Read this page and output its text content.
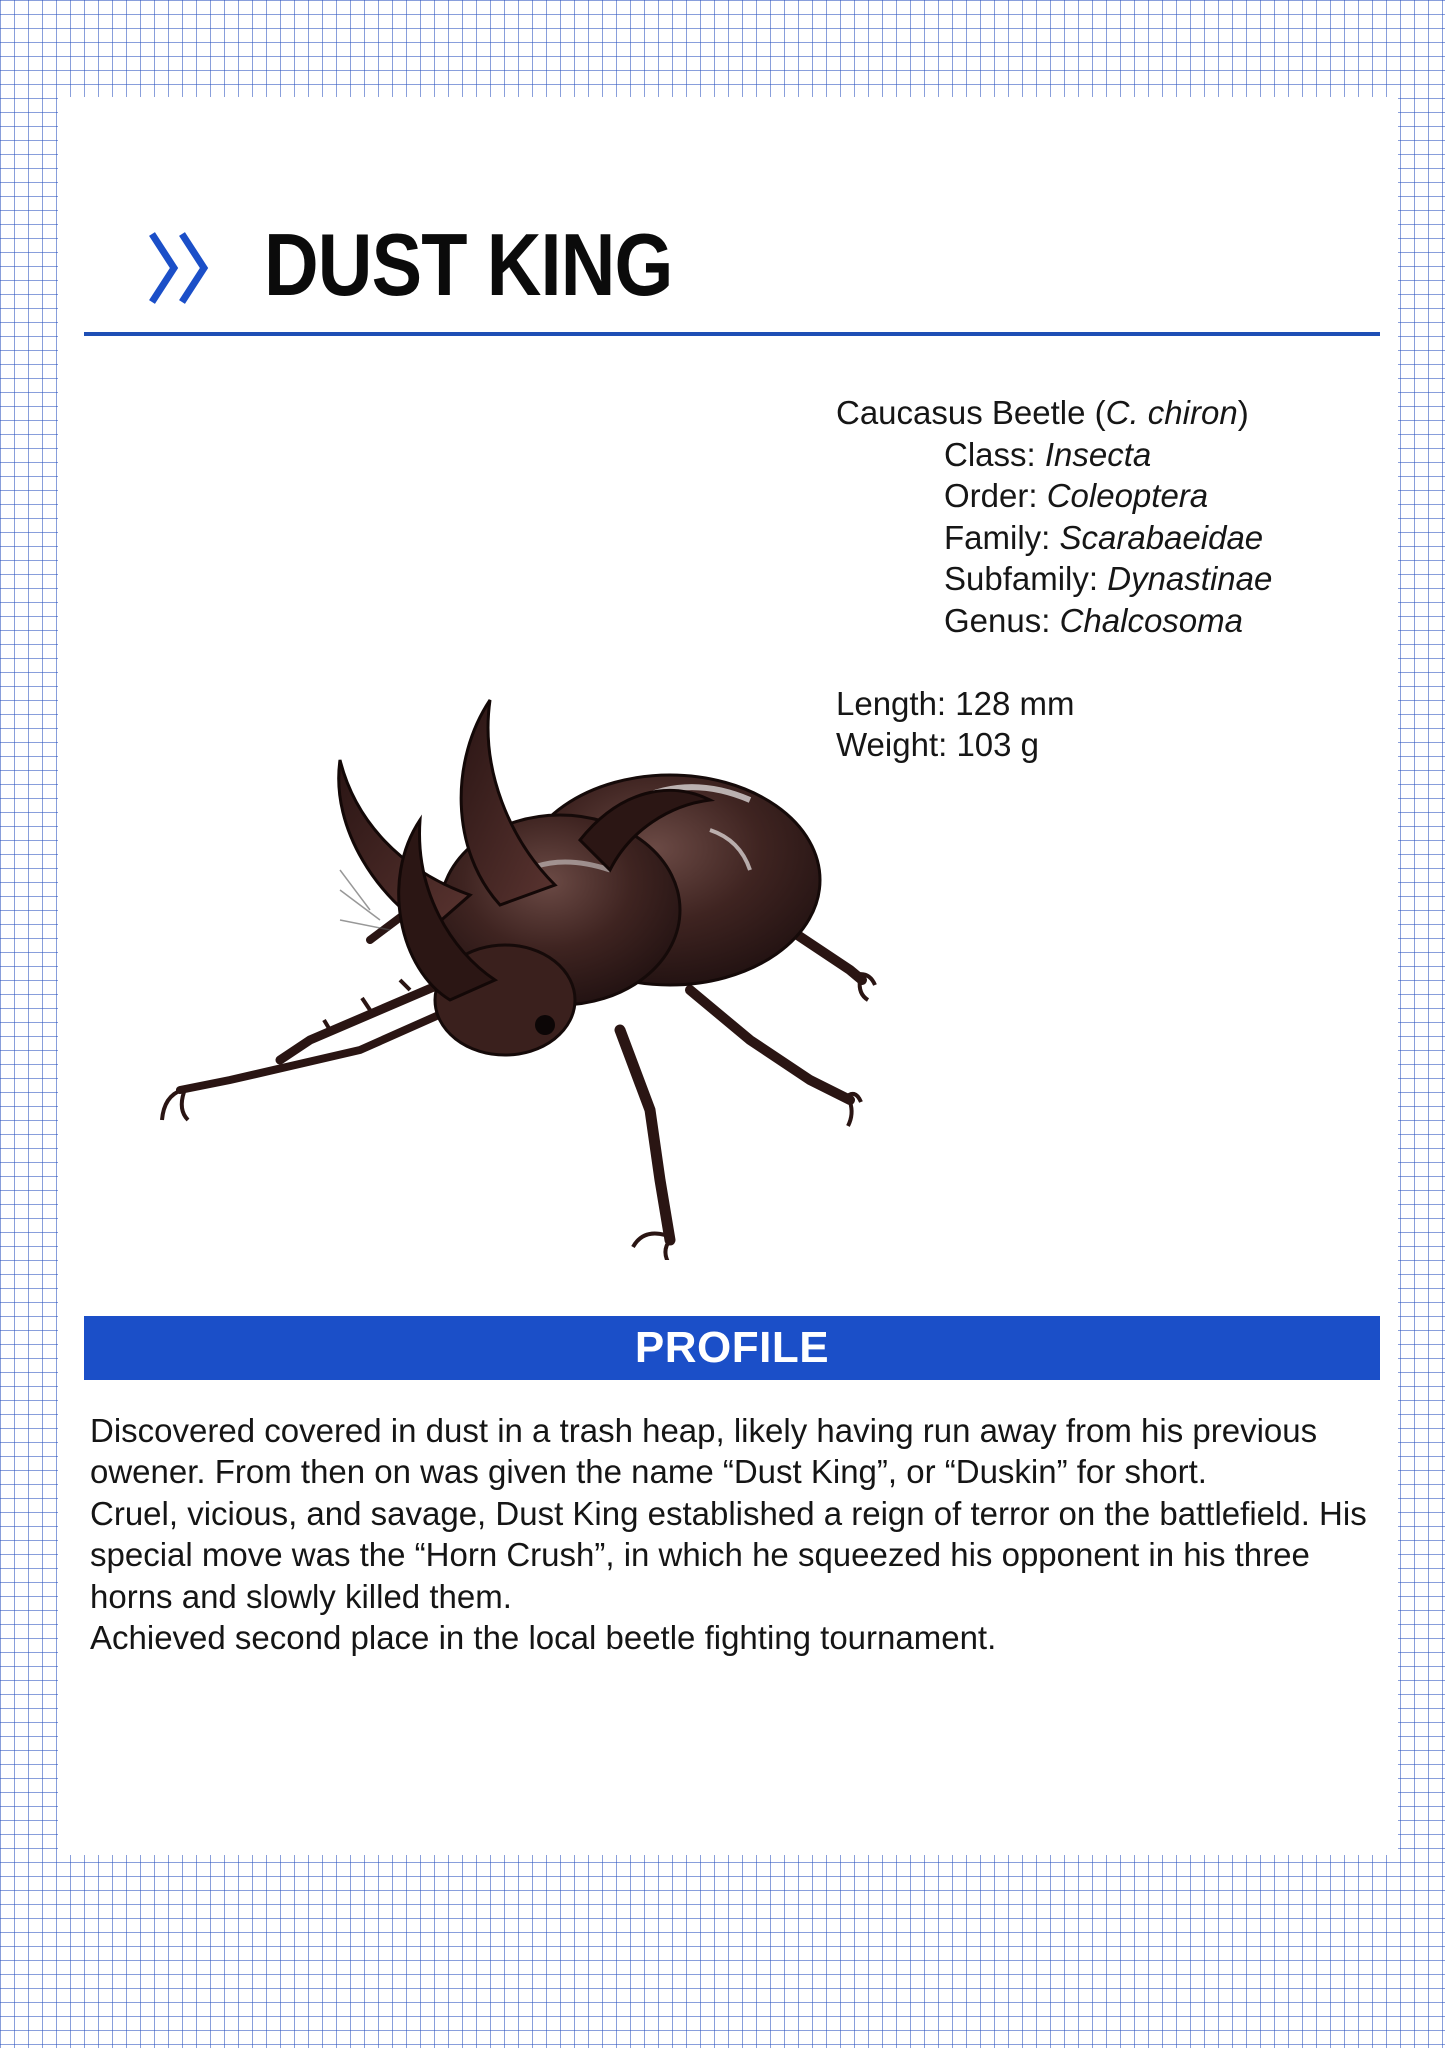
DUST KING
Caucasus Beetle (C. chiron)
Class: Insecta
Order: Coleoptera
Family: Scarabaeidae
Subfamily: Dynastinae
Genus: Chalcosoma
Length: 128 mm
Weight: 103 g
PROFILE

Discovered covered in dust in a trash heap, likely having run away from his previous owener. From then on was given the name “Dust King”, or “Duskin” for short.

Cruel, vicious, and savage, Dust King established a reign of terror on the battlefield. His special move was the “Horn Crush”, in which he squeezed his opponent in his three horns and slowly killed them.

Achieved second place in the local beetle fighting tournament.
